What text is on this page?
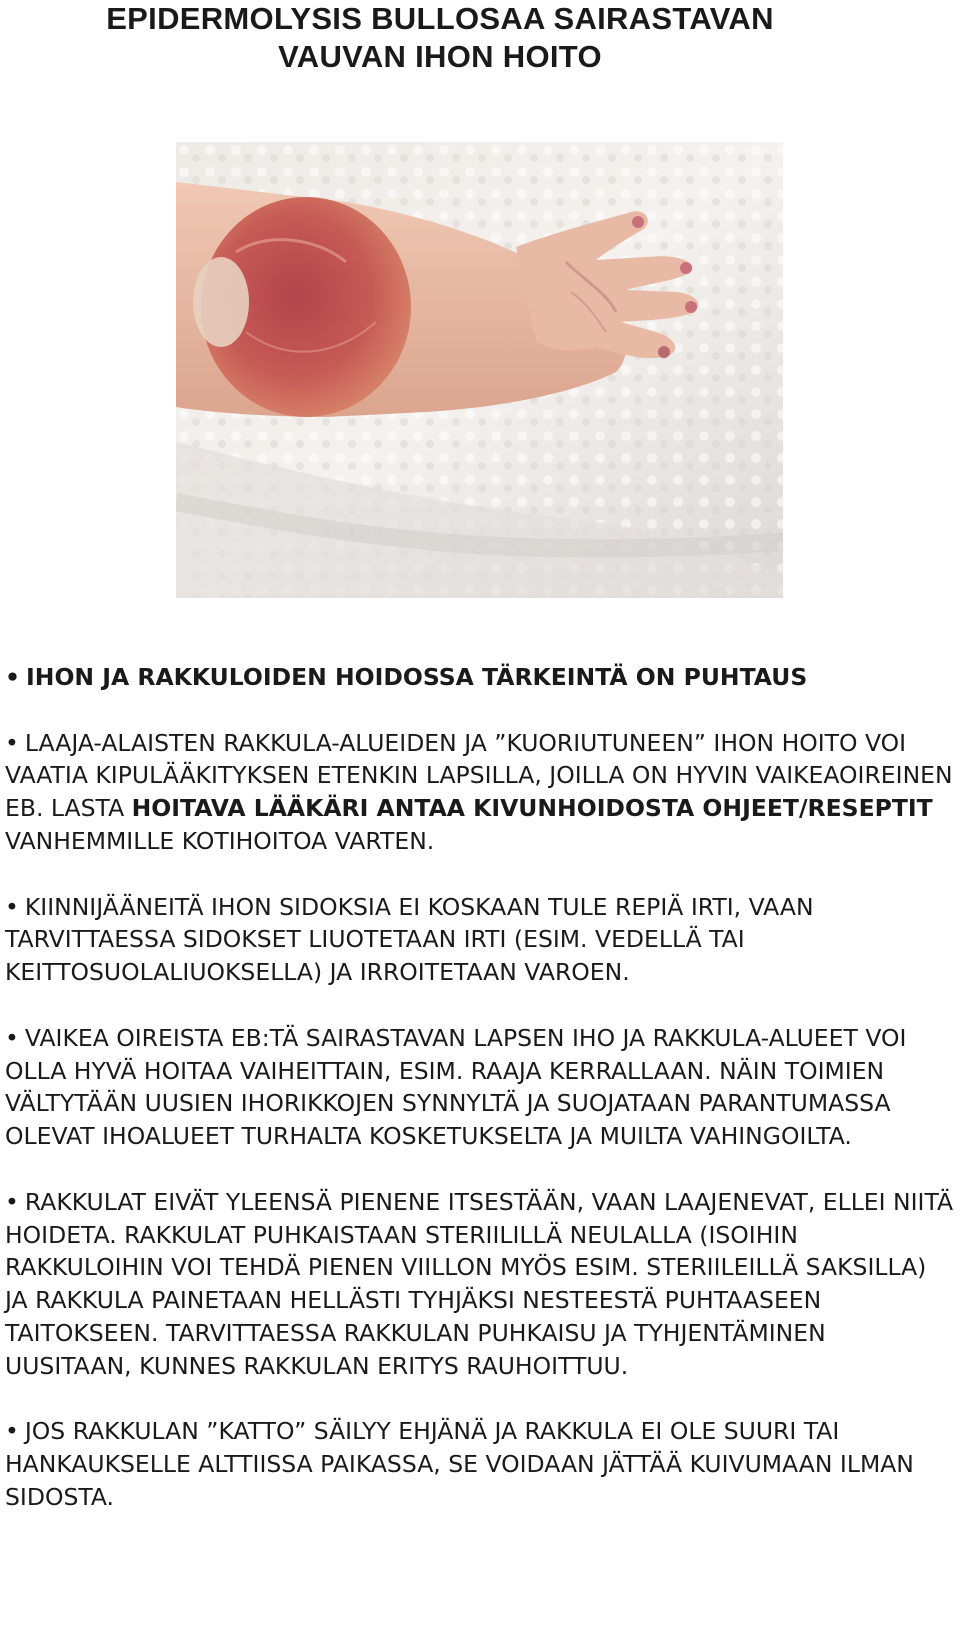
EPIDERMOLYSIS BULLOSAA SAIRASTAVAN
VAUVAN IHON HOITO
• IHON JA RAKKULOIDEN HOIDOSSA TÄRKEINTÄ ON PUHTAUS
• LAAJA-ALAISTEN RAKKULA-ALUEIDEN JA ”KUORIUTUNEEN” IHON HOITO VOI VAATIA KIPULÄÄKITYKSEN ETENKIN LAPSILLA, JOILLA ON HYVIN VAIKEAOIREINEN EB. LASTA HOITAVA LÄÄKÄRI ANTAA KIVUNHOIDOSTA OHJEET/RESEPTIT VANHEMMILLE KOTIHOITOA VARTEN.
• KIINNIJÄÄNEITÄ IHON SIDOKSIA EI KOSKAAN TULE REPIÄ IRTI, VAAN TARVITTAESSA SIDOKSET LIUOTETAAN IRTI (ESIM. VEDELLÄ TAI KEITTOSUOLALIUOKSELLA) JA IRROITETAAN VAROEN.
• VAIKEA OIREISTA EB:TÄ SAIRASTAVAN LAPSEN IHO JA RAKKULA-ALUEET VOI OLLA HYVÄ HOITAA VAIHEITTAIN, ESIM. RAAJA KERRALLAAN. NÄIN TOIMIEN VÄLTYTÄÄN UUSIEN IHORIKKOJEN SYNNYLTÄ JA SUOJATAAN PARANTUMASSA OLEVAT IHOALUEET TURHALTA KOSKETUKSELTA JA MUILTA VAHINGOILTA.
• RAKKULAT EIVÄT YLEENSÄ PIENENE ITSESTÄÄN, VAAN LAAJENEVAT, ELLEI NIITÄ HOIDETA. RAKKULAT PUHKAISTAAN STERIILILLÄ NEULALLA (ISOIHIN RAKKULOIHIN VOI TEHDÄ PIENEN VIILLON MYÖS ESIM. STERIILEILLÄ SAKSILLA) JA RAKKULA PAINETAAN HELLÄSTI TYHJÄKSI NESTEESTÄ PUHTAASEEN TAITOKSEEN. TARVITTAESSA RAKKULAN PUHKAISU JA TYHJENTÄMINEN UUSITAAN, KUNNES RAKKULAN ERITYS RAUHOITTUU.
• JOS RAKKULAN ”KATTO” SÄILYY EHJÄNÄ JA RAKKULA EI OLE SUURI TAI HANKAUKSELLE ALTTIISSA PAIKASSA, SE VOIDAAN JÄTTÄÄ KUIVUMAAN ILMAN SIDOSTA.
